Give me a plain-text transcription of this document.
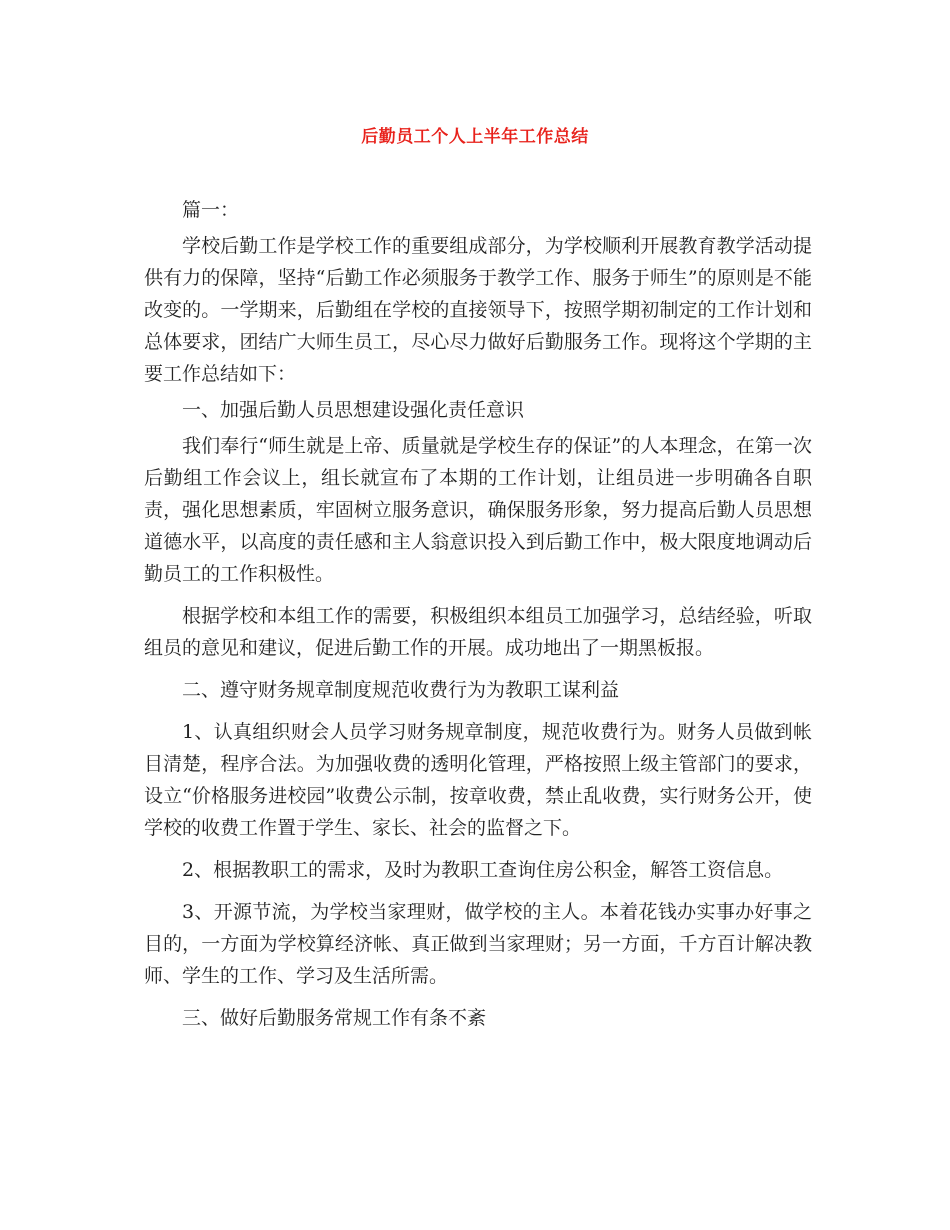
后勤员工个人上半年工作总结

篇一：

学校后勤工作是学校工作的重要组成部分，为学校顺利开展教育教学活动提供有力的保障，坚持“后勤工作必须服务于教学工作、服务于师生”的原则是不能改变的。一学期来，后勤组在学校的直接领导下，按照学期初制定的工作计划和总体要求，团结广大师生员工，尽心尽力做好后勤服务工作。现将这个学期的主要工作总结如下：

一、加强后勤人员思想建设强化责任意识

我们奉行“师生就是上帝、质量就是学校生存的保证”的人本理念，在第一次后勤组工作会议上，组长就宣布了本期的工作计划，让组员进一步明确各自职责，强化思想素质，牢固树立服务意识，确保服务形象，努力提高后勤人员思想道德水平，以高度的责任感和主人翁意识投入到后勤工作中，极大限度地调动后勤员工的工作积极性。

根据学校和本组工作的需要，积极组织本组员工加强学习，总结经验，听取组员的意见和建议，促进后勤工作的开展。成功地出了一期黑板报。

二、遵守财务规章制度规范收费行为为教职工谋利益

1、认真组织财会人员学习财务规章制度，规范收费行为。财务人员做到帐目清楚，程序合法。为加强收费的透明化管理，严格按照上级主管部门的要求，设立“价格服务进校园”收费公示制，按章收费，禁止乱收费，实行财务公开，使学校的收费工作置于学生、家长、社会的监督之下。

2、根据教职工的需求，及时为教职工查询住房公积金，解答工资信息。

3、开源节流，为学校当家理财，做学校的主人。本着花钱办实事办好事之目的，一方面为学校算经济帐、真正做到当家理财；另一方面，千方百计解决教师、学生的工作、学习及生活所需。

三、做好后勤服务常规工作有条不紊
